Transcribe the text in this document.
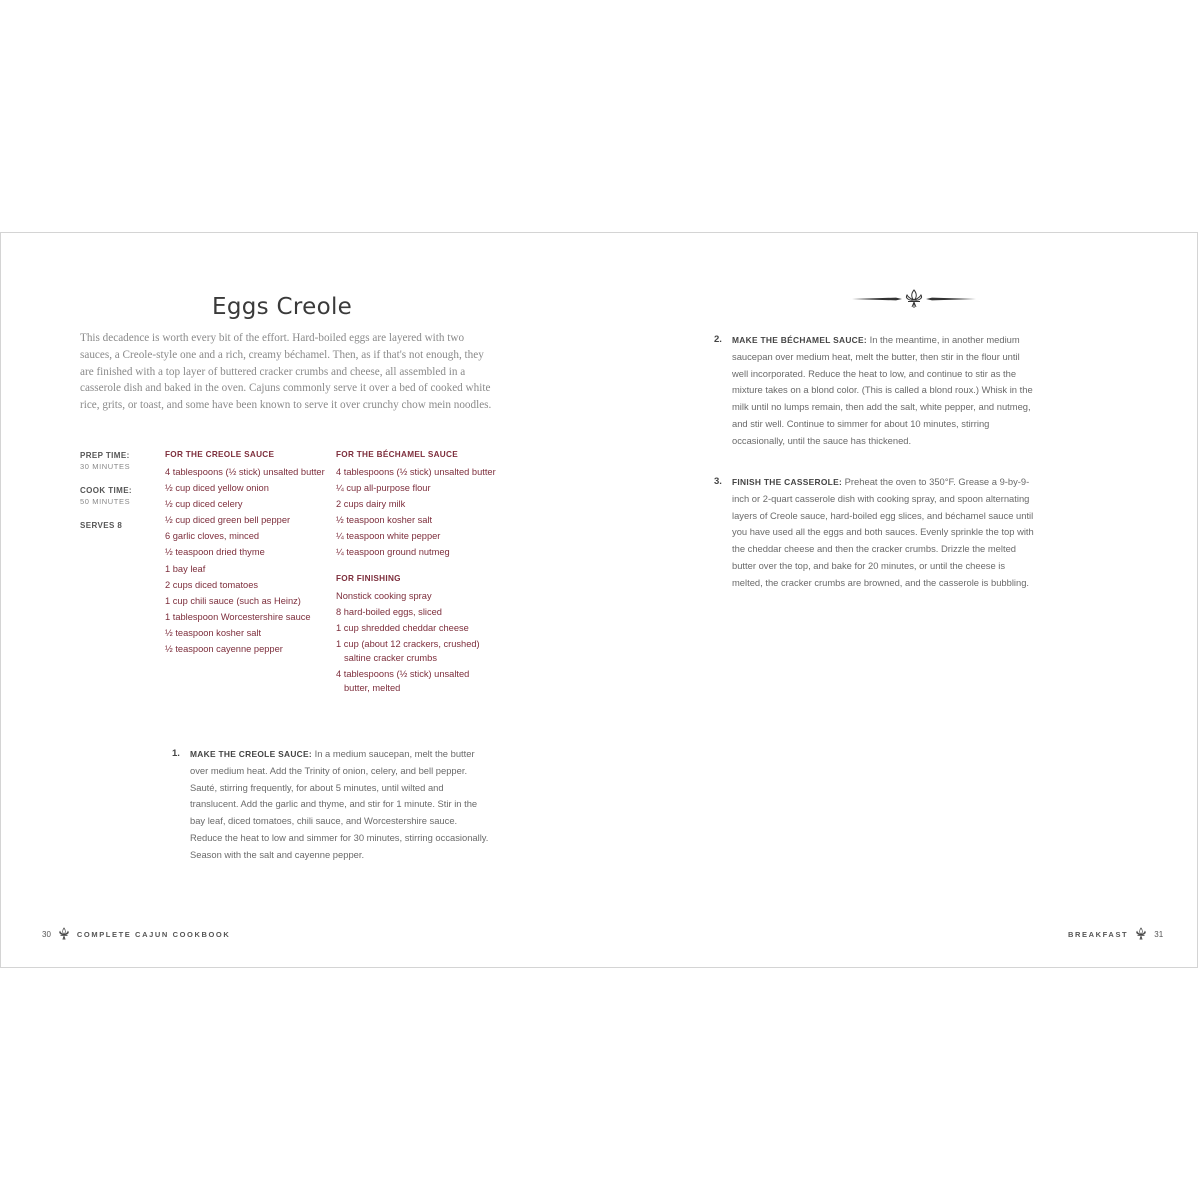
Eggs Creole

This decadence is worth every bit of the effort. Hard-boiled eggs are layered with two sauces, a Creole-style one and a rich, creamy béchamel. Then, as if that's not enough, they are finished with a top layer of buttered cracker crumbs and cheese, all assembled in a casserole dish and baked in the oven. Cajuns commonly serve it over a bed of cooked white rice, grits, or toast, and some have been known to serve it over crunchy chow mein noodles.

PREP TIME:
30 MINUTES
COOK TIME:
50 MINUTES
SERVES 8
FOR THE CREOLE SAUCE
4 tablespoons (½ stick) unsalted butter
½ cup diced yellow onion
½ cup diced celery
½ cup diced green bell pepper
6 garlic cloves, minced
½ teaspoon dried thyme
1 bay leaf
2 cups diced tomatoes
1 cup chili sauce (such as Heinz)
1 tablespoon Worcestershire sauce
½ teaspoon kosher salt
½ teaspoon cayenne pepper
FOR THE BÉCHAMEL SAUCE
4 tablespoons (½ stick) unsalted butter
¼ cup all-purpose flour
2 cups dairy milk
½ teaspoon kosher salt
¼ teaspoon white pepper
¼ teaspoon ground nutmeg
FOR FINISHING
Nonstick cooking spray
8 hard-boiled eggs, sliced
1 cup shredded cheddar cheese
1 cup (about 12 crackers, crushed) saltine cracker crumbs
4 tablespoons (½ stick) unsalted butter, melted
1. MAKE THE CREOLE SAUCE: In a medium saucepan, melt the butter over medium heat. Add the Trinity of onion, celery, and bell pepper. Sauté, stirring frequently, for about 5 minutes, until wilted and translucent. Add the garlic and thyme, and stir for 1 minute. Stir in the bay leaf, diced tomatoes, chili sauce, and Worcestershire sauce. Reduce the heat to low and simmer for 30 minutes, stirring occasionally. Season with the salt and cayenne pepper.
2. MAKE THE BÉCHAMEL SAUCE: In the meantime, in another medium saucepan over medium heat, melt the butter, then stir in the flour until well incorporated. Reduce the heat to low, and continue to stir as the mixture takes on a blond color. (This is called a blond roux.) Whisk in the milk until no lumps remain, then add the salt, white pepper, and nutmeg, and stir well. Continue to simmer for about 10 minutes, stirring occasionally, until the sauce has thickened.
3. FINISH THE CASSEROLE: Preheat the oven to 350°F. Grease a 9-by-9-inch or 2-quart casserole dish with cooking spray, and spoon alternating layers of Creole sauce, hard-boiled egg slices, and béchamel sauce until you have used all the eggs and both sauces. Evenly sprinkle the top with the cheddar cheese and then the cracker crumbs. Drizzle the melted butter over the top, and bake for 20 minutes, or until the cheese is melted, the cracker crumbs are browned, and the casserole is bubbling.
30	COMPLETE CAJUN COOKBOOK	BREAKFAST	31
